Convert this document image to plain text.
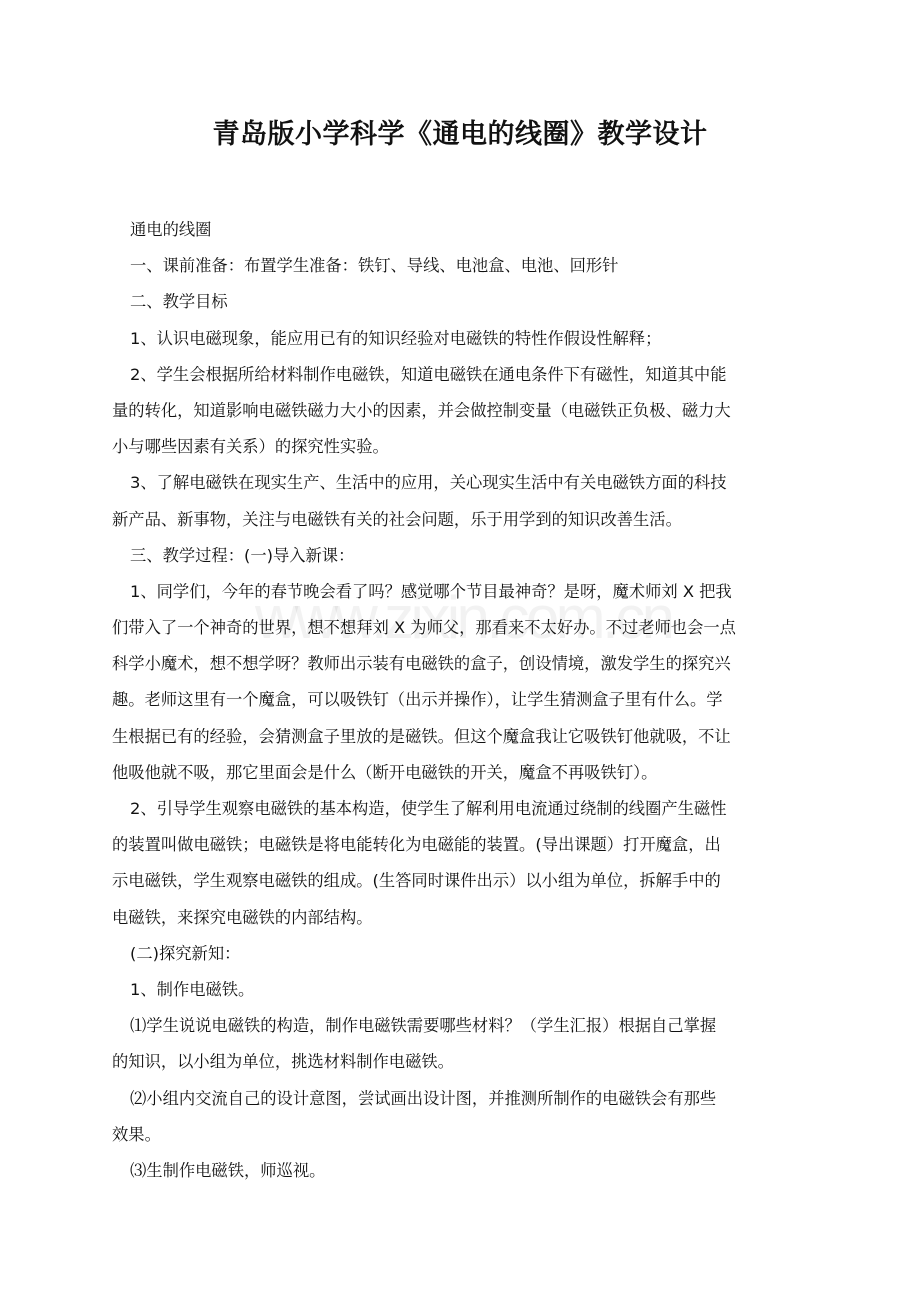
青岛版小学科学《通电的线圈》教学设计
www.zixin.com.cn
通电的线圈
一、课前准备：布置学生准备：铁钉、导线、电池盒、电池、回形针
二、教学目标
1、认识电磁现象，能应用已有的知识经验对电磁铁的特性作假设性解释；
2、学生会根据所给材料制作电磁铁，知道电磁铁在通电条件下有磁性，知道其中能
量的转化，知道影响电磁铁磁力大小的因素，并会做控制变量（电磁铁正负极、磁力大
小与哪些因素有关系）的探究性实验。
3、了解电磁铁在现实生产、生活中的应用，关心现实生活中有关电磁铁方面的科技
新产品、新事物，关注与电磁铁有关的社会问题，乐于用学到的知识改善生活。
三、教学过程：(一)导入新课：
1、同学们，今年的春节晚会看了吗？感觉哪个节目最神奇？是呀，魔术师刘 X 把我
们带入了一个神奇的世界，想不想拜刘 X 为师父，那看来不太好办。不过老师也会一点
科学小魔术，想不想学呀？教师出示装有电磁铁的盒子，创设情境，激发学生的探究兴
趣。老师这里有一个魔盒，可以吸铁钉（出示并操作），让学生猜测盒子里有什么。学
生根据已有的经验，会猜测盒子里放的是磁铁。但这个魔盒我让它吸铁钉他就吸，不让
他吸他就不吸，那它里面会是什么（断开电磁铁的开关，魔盒不再吸铁钉）。
2、引导学生观察电磁铁的基本构造，使学生了解利用电流通过绕制的线圈产生磁性
的装置叫做电磁铁；电磁铁是将电能转化为电磁能的装置。(导出课题）打开魔盒，出
示电磁铁，学生观察电磁铁的组成。(生答同时课件出示）以小组为单位，拆解手中的
电磁铁，来探究电磁铁的内部结构。
(二)探究新知：
1、制作电磁铁。
⑴学生说说电磁铁的构造，制作电磁铁需要哪些材料？（学生汇报）根据自己掌握
的知识，以小组为单位，挑选材料制作电磁铁。
⑵小组内交流自己的设计意图，尝试画出设计图，并推测所制作的电磁铁会有那些
效果。
⑶生制作电磁铁，师巡视。
